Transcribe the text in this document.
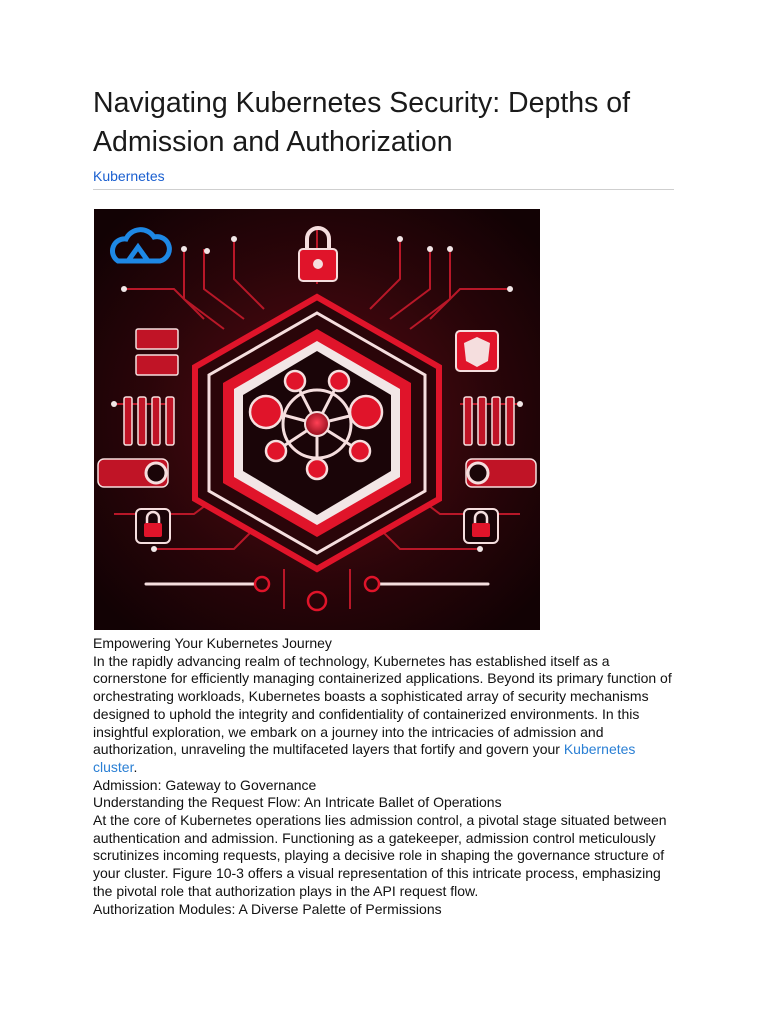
Navigating Kubernetes Security: Depths of Admission and Authorization
Kubernetes

Empowering Your Kubernetes Journey

In the rapidly advancing realm of technology, Kubernetes has established itself as a cornerstone for efficiently managing containerized applications. Beyond its primary function of orchestrating workloads, Kubernetes boasts a sophisticated array of security mechanisms designed to uphold the integrity and confidentiality of containerized environments. In this insightful exploration, we embark on a journey into the intricacies of admission and authorization, unraveling the multifaceted layers that fortify and govern your Kubernetes cluster.

Admission: Gateway to Governance

Understanding the Request Flow: An Intricate Ballet of Operations

At the core of Kubernetes operations lies admission control, a pivotal stage situated between authentication and admission. Functioning as a gatekeeper, admission control meticulously scrutinizes incoming requests, playing a decisive role in shaping the governance structure of your cluster. Figure 10-3 offers a visual representation of this intricate process, emphasizing the pivotal role that authorization plays in the API request flow.

Authorization Modules: A Diverse Palette of Permissions
